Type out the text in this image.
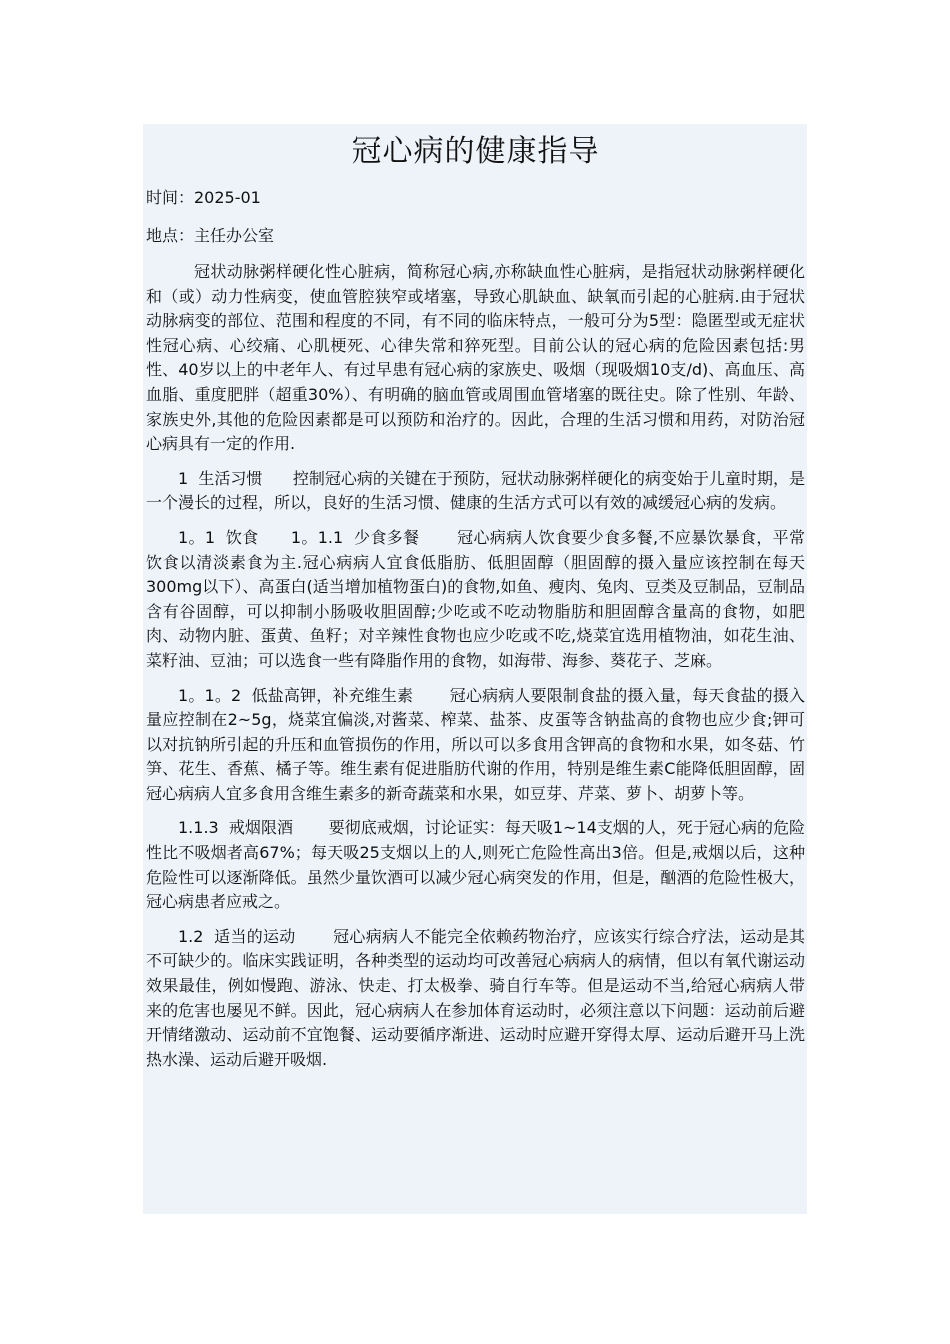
冠心病的健康指导

时间：2025-01

地点：主任办公室

冠状动脉粥样硬化性心脏病，简称冠心病,亦称缺血性心脏病，是指冠状动脉粥样硬化和（或）动力性病变，使血管腔狭窄或堵塞，导致心肌缺血、缺氧而引起的心脏病.由于冠状动脉病变的部位、范围和程度的不同，有不同的临床特点，一般可分为5型：隐匿型或无症状性冠心病、心绞痛、心肌梗死、心律失常和猝死型。目前公认的冠心病的危险因素包括:男性、40岁以上的中老年人、有过早患有冠心病的家族史、吸烟（现吸烟10支/d)、高血压、高血脂、重度肥胖（超重30%）、有明确的脑血管或周围血管堵塞的既往史。除了性别、年龄、家族史外,其他的危险因素都是可以预防和治疗的。因此，合理的生活习惯和用药，对防治冠心病具有一定的作用.

1  生活习惯      控制冠心病的关键在于预防，冠状动脉粥样硬化的病变始于儿童时期，是一个漫长的过程，所以，良好的生活习惯、健康的生活方式可以有效的减缓冠心病的发病。

1。1  饮食      1。1.1  少食多餐       冠心病病人饮食要少食多餐,不应暴饮暴食，平常饮食以清淡素食为主.冠心病病人宜食低脂肪、低胆固醇（胆固醇的摄入量应该控制在每天300mg以下）、高蛋白(适当增加植物蛋白)的食物,如鱼、瘦肉、兔肉、豆类及豆制品，豆制品含有谷固醇，可以抑制小肠吸收胆固醇;少吃或不吃动物脂肪和胆固醇含量高的食物，如肥肉、动物内脏、蛋黄、鱼籽；对辛辣性食物也应少吃或不吃,烧菜宜选用植物油，如花生油、菜籽油、豆油；可以选食一些有降脂作用的食物，如海带、海参、葵花子、芝麻。

1。1。2  低盐高钾，补充维生素       冠心病病人要限制食盐的摄入量，每天食盐的摄入量应控制在2~5g，烧菜宜偏淡,对酱菜、榨菜、盐茶、皮蛋等含钠盐高的食物也应少食;钾可以对抗钠所引起的升压和血管损伤的作用，所以可以多食用含钾高的食物和水果，如冬菇、竹笋、花生、香蕉、橘子等。维生素有促进脂肪代谢的作用，特别是维生素C能降低胆固醇，固冠心病病人宜多食用含维生素多的新奇蔬菜和水果，如豆芽、芹菜、萝卜、胡萝卜等。

1.1.3  戒烟限酒       要彻底戒烟，讨论证实：每天吸1~14支烟的人，死于冠心病的危险性比不吸烟者高67%；每天吸25支烟以上的人,则死亡危险性高出3倍。但是,戒烟以后，这种危险性可以逐渐降低。虽然少量饮酒可以减少冠心病突发的作用，但是，酗酒的危险性极大，冠心病患者应戒之。

1.2  适当的运动       冠心病病人不能完全依赖药物治疗，应该实行综合疗法，运动是其不可缺少的。临床实践证明，各种类型的运动均可改善冠心病病人的病情，但以有氧代谢运动效果最佳，例如慢跑、游泳、快走、打太极拳、骑自行车等。但是运动不当,给冠心病病人带来的危害也屡见不鲜。因此，冠心病病人在参加体育运动时，必须注意以下问题：运动前后避开情绪激动、运动前不宜饱餐、运动要循序渐进、运动时应避开穿得太厚、运动后避开马上洗热水澡、运动后避开吸烟.
